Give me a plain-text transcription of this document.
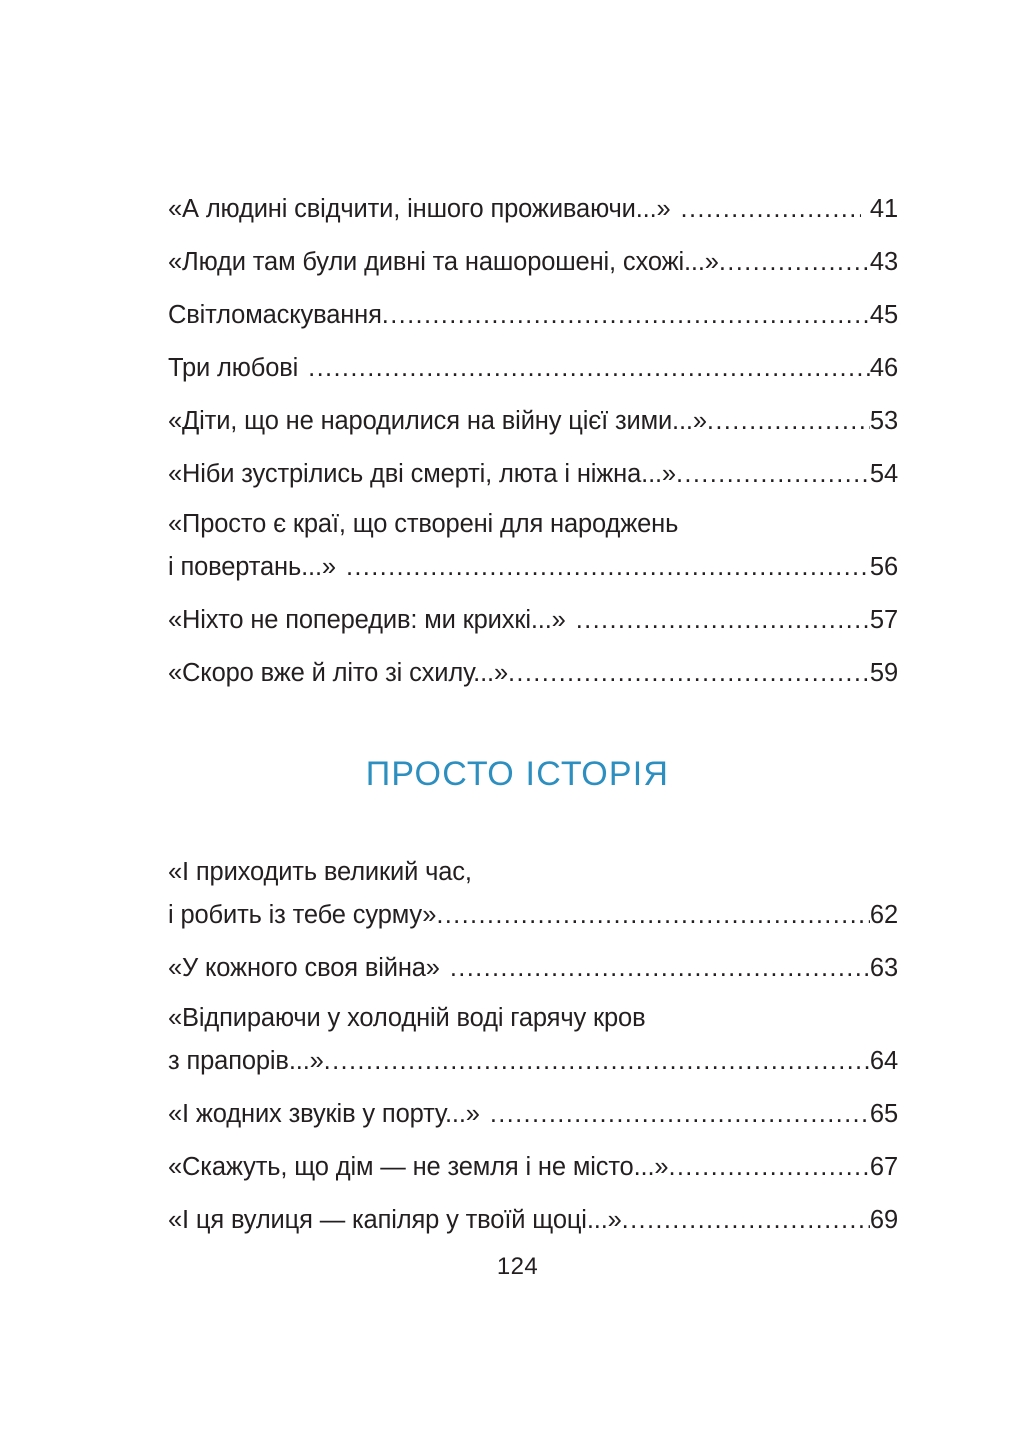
«А людині свідчити, іншого проживаючи...» .....	41
«Люди там були дивні та нашорошені, схожі...» .....	43
Світломаскування .....	45
Три любові .....	46
«Діти, що не народилися на війну цієї зими...» .....	53
«Ніби зустрілись дві смерті, люта і ніжна...» .....	54
«Просто є краї, що створені для народжень
і повертань...» .....	56
«Ніхто не попередив: ми крихкі...» .....	57
«Скоро вже й літо зі схилу...» .....	59
ПРОСТО ІСТОРІЯ
«І приходить великий час,
і робить із тебе сурму» .....	62
«У кожного своя війна» .....	63
«Відпираючи у холодній воді гарячу кров
з прапорів...» .....	64
«І жодних звуків у порту...» .....	65
«Скажуть, що дім — не земля і не місто...» .....	67
«І ця вулиця — капіляр у твоїй щоці...» .....	69
124
